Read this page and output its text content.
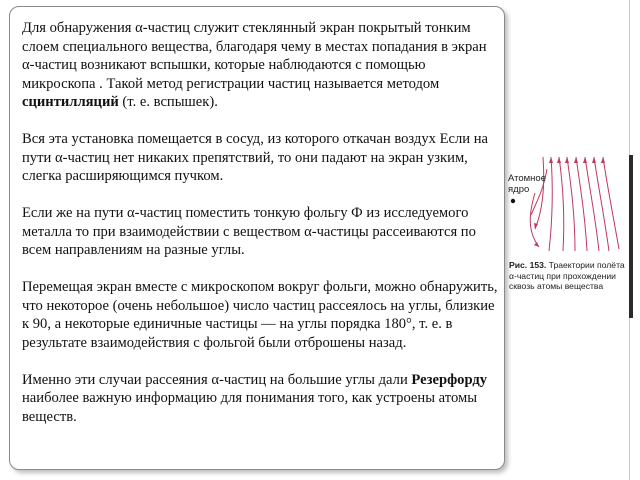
Для обнаружения α-частиц служит стеклянный экран покрытый тонким слоем специального вещества, благодаря чему в местах попадания в экран α-частиц возникают вспышки, которые наблюдаются с помощью микроскопа . Такой метод регистрации частиц называется методом сцинтилляций (т. е. вспышек).

Вся эта установка помещается в сосуд, из которого откачан воздух Если на пути α-частиц нет никаких препятствий, то они падают на экран узким, слегка расширяющимся пучком.

Если же на пути α-частиц поместить тонкую фольгу Ф из исследуемого металла то при взаимодействии с веществом α-частицы рассеиваются по всем направлениям на разные углы.

Перемещая экран вместе с микроскопом вокруг фольги, можно обнаружить, что некоторое (очень небольшое) число частиц рассеялось на углы, близкие к 90, а некоторые единичные частицы — на углы порядка 180°, т. е. в результате взаимодействия с фольгой были отброшены назад.

Именно эти случаи рассеяния α-частиц на большие углы дали Резерфорду наиболее важную информацию для понимания того, как устроены атомы веществ.

Атомное ядро
Рис. 153. Траектории полёта α-частиц при прохождении сквозь атомы вещества
